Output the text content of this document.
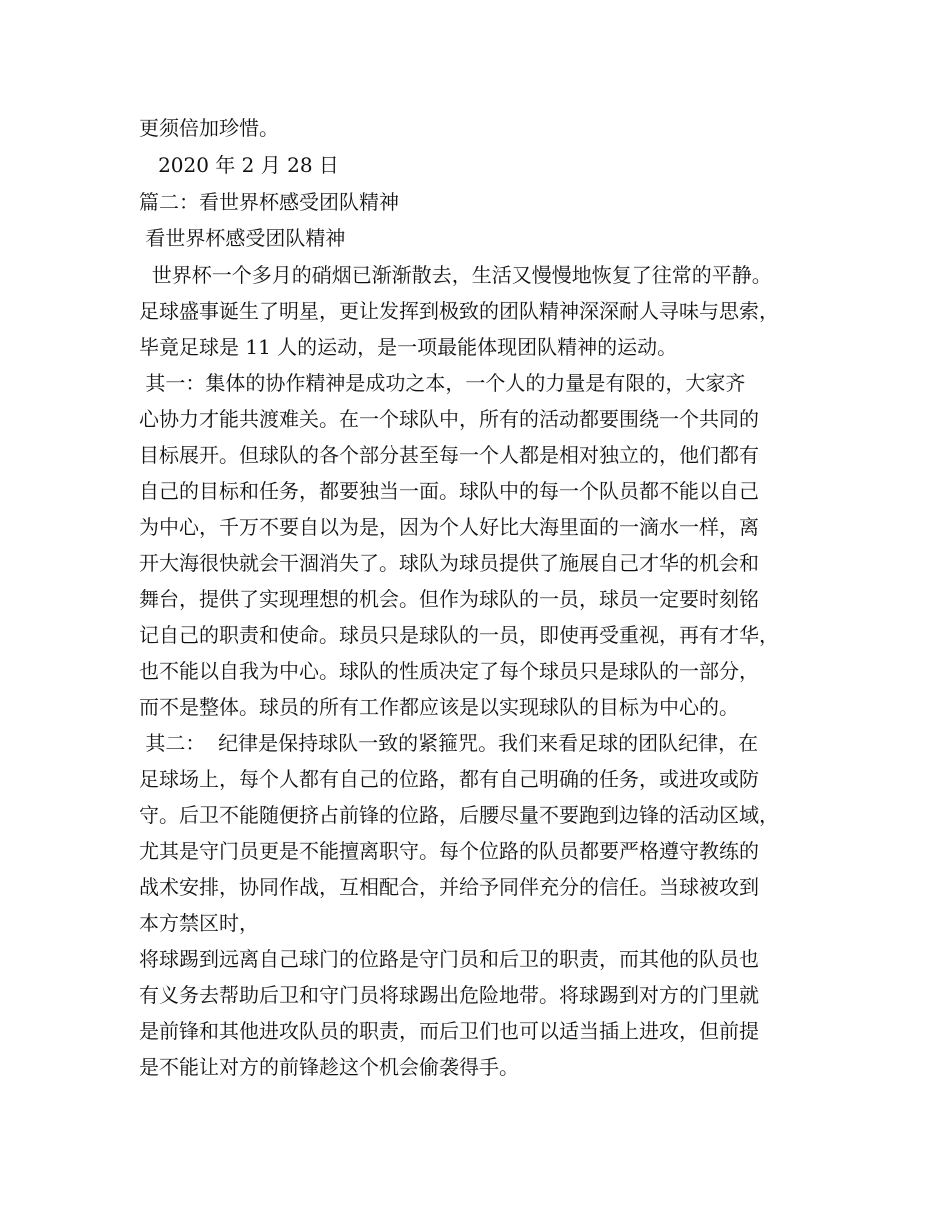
更须倍加珍惜。
2020 年 2 月 28 日
篇二：看世界杯感受团队精神
看世界杯感受团队精神
世界杯一个多月的硝烟已渐渐散去，生活又慢慢地恢复了往常的平静。
足球盛事诞生了明星，更让发挥到极致的团队精神深深耐人寻味与思索，
毕竟足球是 11 人的运动，是一项最能体现团队精神的运动。
其一：集体的协作精神是成功之本，一个人的力量是有限的，大家齐
心协力才能共渡难关。在一个球队中，所有的活动都要围绕一个共同的
目标展开。但球队的各个部分甚至每一个人都是相对独立的，他们都有
自己的目标和任务，都要独当一面。球队中的每一个队员都不能以自己
为中心，千万不要自以为是，因为个人好比大海里面的一滴水一样，离
开大海很快就会干涸消失了。球队为球员提供了施展自己才华的机会和
舞台，提供了实现理想的机会。但作为球队的一员，球员一定要时刻铭
记自己的职责和使命。球员只是球队的一员，即使再受重视，再有才华，
也不能以自我为中心。球队的性质决定了每个球员只是球队的一部分，
而不是整体。球员的所有工作都应该是以实现球队的目标为中心的。
其二：  纪律是保持球队一致的紧箍咒。我们来看足球的团队纪律，在
足球场上，每个人都有自己的位路，都有自己明确的任务，或进攻或防
守。后卫不能随便挤占前锋的位路，后腰尽量不要跑到边锋的活动区域，
尤其是守门员更是不能擅离职守。每个位路的队员都要严格遵守教练的
战术安排，协同作战，互相配合，并给予同伴充分的信任。当球被攻到
本方禁区时，
将球踢到远离自己球门的位路是守门员和后卫的职责，而其他的队员也
有义务去帮助后卫和守门员将球踢出危险地带。将球踢到对方的门里就
是前锋和其他进攻队员的职责，而后卫们也可以适当插上进攻，但前提
是不能让对方的前锋趁这个机会偷袭得手。
